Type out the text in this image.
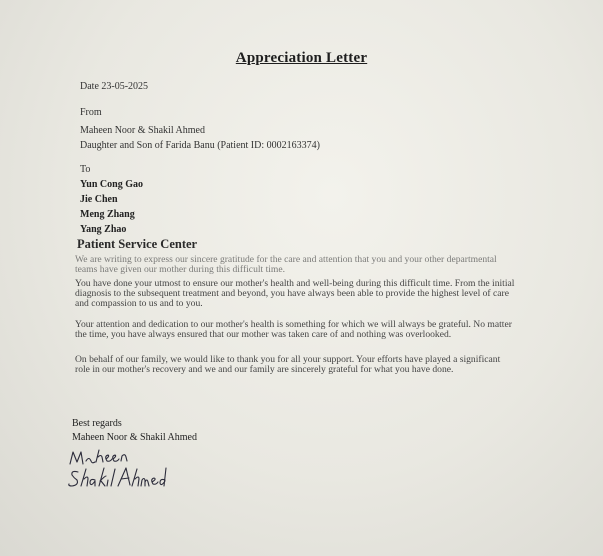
Appreciation Letter
Date 23-05-2025
From
Maheen Noor & Shakil Ahmed
Daughter and Son of Farida Banu (Patient ID: 0002163374)
To
Yun Cong Gao
Jie Chen
Meng Zhang
Yang Zhao
Patient Service Center
We are writing to express our sincere gratitude for the care and attention that you and your other departmental teams have given our mother during this difficult time.
You have done your utmost to ensure our mother's health and well-being during this difficult time. From the initial diagnosis to the subsequent treatment and beyond, you have always been able to provide the highest level of care and compassion to us and to you.
Your attention and dedication to our mother's health is something for which we will always be grateful. No matter the time, you have always ensured that our mother was taken care of and nothing was overlooked.
On behalf of our family, we would like to thank you for all your support. Your efforts have played a significant role in our mother's recovery and we and our family are sincerely grateful for what you have done.
Best regards
Maheen Noor & Shakil Ahmed
